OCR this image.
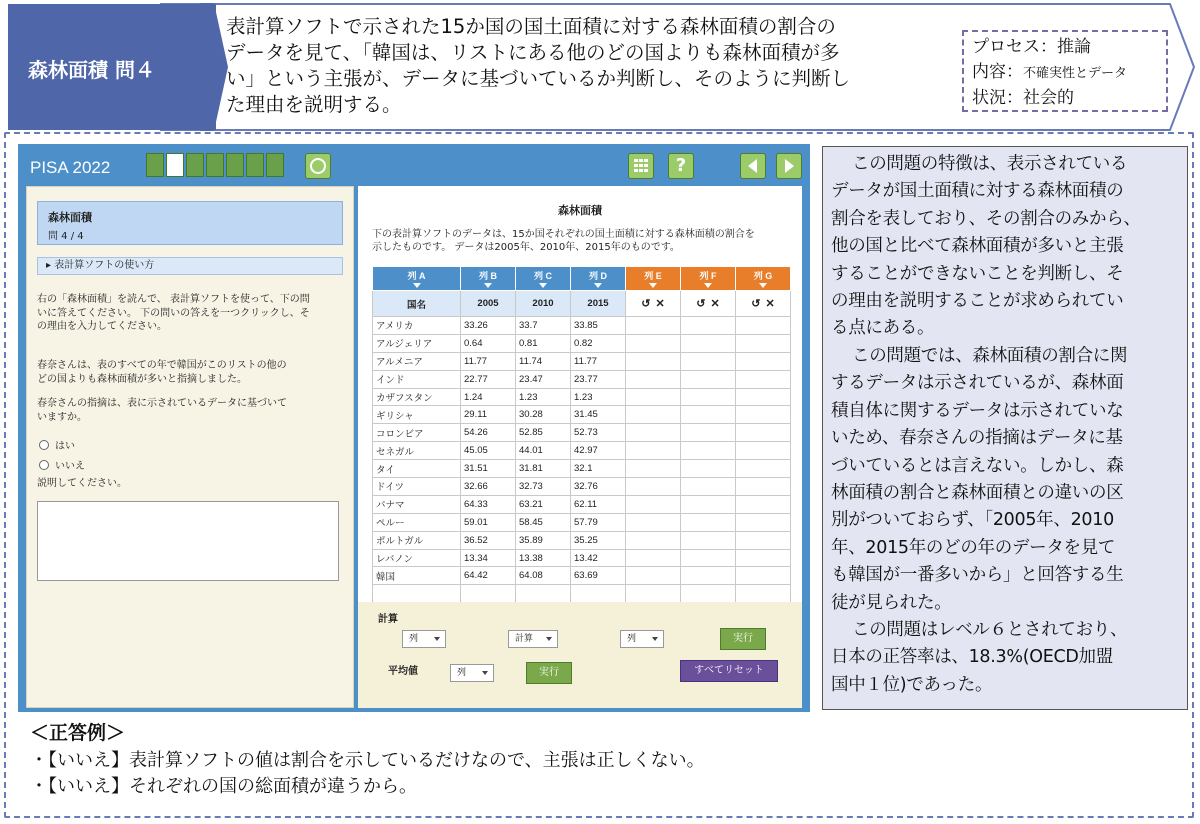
森林面積 問４
表計算ソフトで示された15か国の国土面積に対する森林面積の割合の
データを見て、「韓国は、リストにある他のどの国よりも森林面積が多
い」という主張が、データに基づいているか判断し、そのように判断し
た理由を説明する。
プロセス：推論
内容：不確実性とデータ
状況：社会的
PISA 2022	?
森林面積
問 4 / 4
▸ 表計算ソフトの使い方
右の「森林面積」を読んで、 表計算ソフトを使って、下の問
いに答えてください。 下の問いの答えを一つクリックし、そ
の理由を入力してください。
春奈さんは、表のすべての年で韓国がこのリストの他の
どの国よりも森林面積が多いと指摘しました。
春奈さんの指摘は、表に示されているデータに基づいて
いますか。
はい
いいえ
説明してください。
森林面積
下の表計算ソフトのデータは、15か国それぞれの国土面積に対する森林面積の割合を
示したものです。 データは2005年、2010年、2015年のものです。
列 A	列 B	列 C	列 D	列 E	列 F	列 G

国名	2005	2010	2015	↺ ✕	↺ ✕	↺ ✕
アメリカ	33.26	33.7	33.85			
アルジェリア	0.64	0.81	0.82			
アルメニア	11.77	11.74	11.77			
インド	22.77	23.47	23.77			
カザフスタン	1.24	1.23	1.23			
ギリシャ	29.11	30.28	31.45			
コロンビア	54.26	52.85	52.73			
セネガル	45.05	44.01	42.97			
タイ	31.51	31.81	32.1			
ドイツ	32.66	32.73	32.76			
パナマ	64.33	63.21	62.11			
ペルー	59.01	58.45	57.79			
ポルトガル	36.52	35.89	35.25			
レバノン	13.34	13.38	13.42			
韓国	64.42	64.08	63.69			

計算
列	計算	列	実行
平均値	列	実行	すべてリセット

この問題の特徴は、表示されている
データが国土面積に対する森林面積の
割合を表しており、その割合のみから、
他の国と比べて森林面積が多いと主張
することができないことを判断し、そ
の理由を説明することが求められてい
る点にある。

この問題では、森林面積の割合に関
するデータは示されているが、森林面
積自体に関するデータは示されていな
いため、春奈さんの指摘はデータに基
づいているとは言えない。しかし、森
林面積の割合と森林面積との違いの区
別がついておらず、「2005年、2010
年、2015年のどの年のデータを見て
も韓国が一番多いから」と回答する生
徒が見られた。

この問題はレベル６とされており、
日本の正答率は、18.3%(OECD加盟
国中１位)であった。

＜正答例＞
・【いいえ】表計算ソフトの値は割合を示しているだけなので、主張は正しくない。
・【いいえ】それぞれの国の総面積が違うから。
